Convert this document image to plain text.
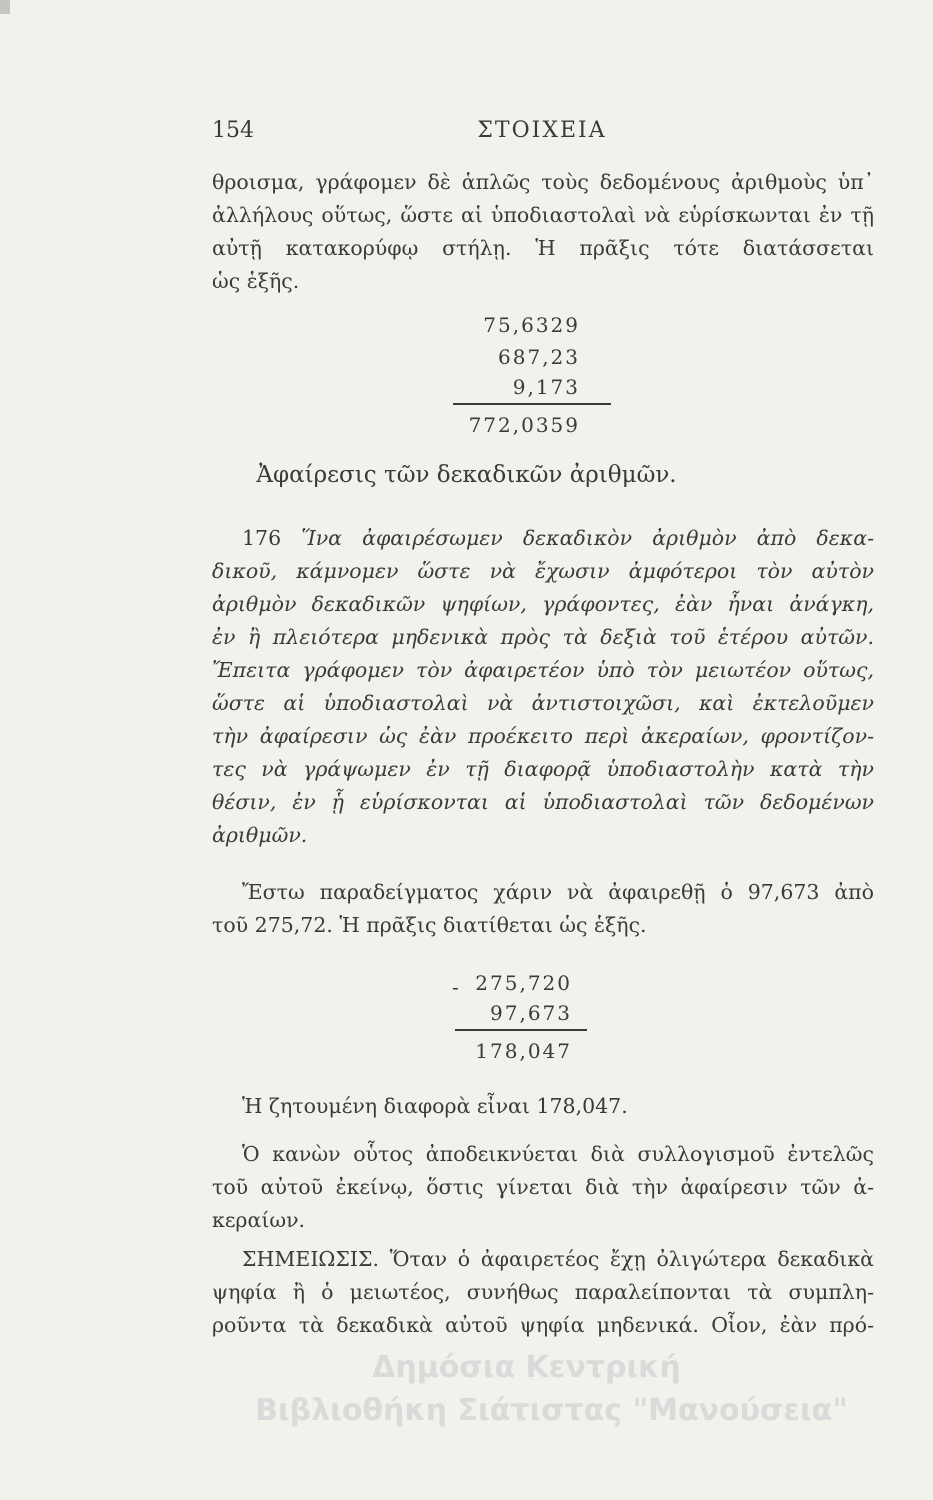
154	ΣΤΟΙΧΕΙΑ
θροισμα, γράφομεν δὲ ἁπλῶς τοὺς δεδομένους ἀριθμοὺς ὑπ᾽
ἀλλήλους οὕτως, ὥστε αἱ ὑποδιαστολαὶ νὰ εὑρίσκωνται ἐν τῇ
αὐτῇ κατακορύφῳ στήλῃ. Ἡ πρᾶξις τότε διατάσσεται
ὡς ἑξῆς.
75,6329
687,23
9,173
772,0359
Ἀφαίρεσις τῶν δεκαδικῶν ἀριθμῶν.
176 Ἵνα ἀφαιρέσωμεν δεκαδικὸν ἀριθμὸν ἀπὸ δεκα-
δικοῦ, κάμνομεν ὥστε νὰ ἔχωσιν ἀμφότεροι τὸν αὐτὸν
ἀριθμὸν δεκαδικῶν ψηφίων, γράφοντες, ἐὰν ἦναι ἀνάγκη,
ἐν ἢ πλειότερα μηδενικὰ πρὸς τὰ δεξιὰ τοῦ ἑτέρου αὐτῶν.
Ἔπειτα γράφομεν τὸν ἀφαιρετέον ὑπὸ τὸν μειωτέον οὕτως,
ὥστε αἱ ὑποδιαστολαὶ νὰ ἀντιστοιχῶσι, καὶ ἐκτελοῦμεν
τὴν ἀφαίρεσιν ὡς ἐὰν προέκειτο περὶ ἀκεραίων, φροντίζον-
τες νὰ γράψωμεν ἐν τῇ διαφορᾷ ὑποδιαστολὴν κατὰ τὴν
θέσιν, ἐν ᾗ εὑρίσκονται αἱ ὑποδιαστολαὶ τῶν δεδομένων
ἀριθμῶν.
Ἔστω παραδείγματος χάριν νὰ ἀφαιρεθῇ ὁ 97,673 ἀπὸ
τοῦ 275,72. Ἡ πρᾶξις διατίθεται ὡς ἑξῆς.
- 275,720
97,673
178,047
Ἡ ζητουμένη διαφορὰ εἶναι 178,047.
Ὁ κανὼν οὗτος ἀποδεικνύεται διὰ συλλογισμοῦ ἐντελῶς
τοῦ αὐτοῦ ἐκείνῳ, ὅστις γίνεται διὰ τὴν ἀφαίρεσιν τῶν ἀ-
κεραίων.
ΣΗΜΕΙΩΣΙΣ. Ὅταν ὁ ἀφαιρετέος ἔχῃ ὀλιγώτερα δεκαδικὰ
ψηφία ἢ ὁ μειωτέος, συνήθως παραλείπονται τὰ συμπλη-
ροῦντα τὰ δεκαδικὰ αὐτοῦ ψηφία μηδενικά. Οἷον, ἐὰν πρό-
Δημόσια Κεντρική
Βιβλιοθήκη Σιάτιστας "Μανούσεια"
